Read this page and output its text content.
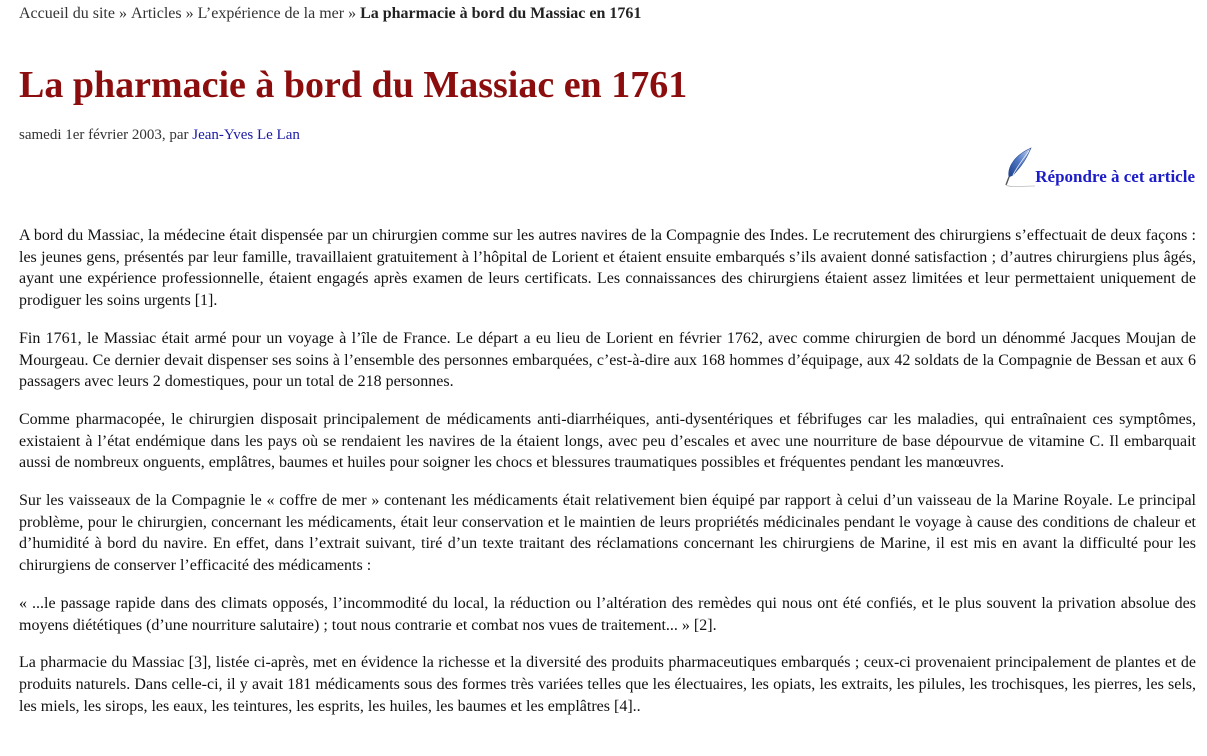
Accueil du site » Articles » L’expérience de la mer » La pharmacie à bord du Massiac en 1761
La pharmacie à bord du Massiac en 1761
samedi 1er février 2003, par Jean-Yves Le Lan
Répondre à cet article

A bord du Massiac, la médecine était dispensée par un chirurgien comme sur les autres navires de la Compagnie des Indes. Le recrutement des chirurgiens s’effectuait de deux façons : les jeunes gens, présentés par leur famille, travaillaient gratuitement à l’hôpital de Lorient et étaient ensuite embarqués s’ils avaient donné satisfaction ; d’autres chirurgiens plus âgés, ayant une expérience professionnelle, étaient engagés après examen de leurs certificats. Les connaissances des chirurgiens étaient assez limitées et leur permettaient uniquement de prodiguer les soins urgents [1].

Fin 1761, le Massiac était armé pour un voyage à l’île de France. Le départ a eu lieu de Lorient en février 1762, avec comme chirurgien de bord un dénommé Jacques Moujan de Mourgeau. Ce dernier devait dispenser ses soins à l’ensemble des personnes embarquées, c’est-à-dire aux 168 hommes d’équipage, aux 42 soldats de la Compagnie de Bessan et aux 6 passagers avec leurs 2 domestiques, pour un total de 218 personnes.

Comme pharmacopée, le chirurgien disposait principalement de médicaments anti-diarrhéiques, anti-dysentériques et fébrifuges car les maladies, qui entraînaient ces symptômes, existaient à l’état endémique dans les pays où se rendaient les navires de la étaient longs, avec peu d’escales et avec une nourriture de base dépourvue de vitamine C. Il embarquait aussi de nombreux onguents, emplâtres, baumes et huiles pour soigner les chocs et blessures traumatiques possibles et fréquentes pendant les manœuvres.

Sur les vaisseaux de la Compagnie le « coffre de mer » contenant les médicaments était relativement bien équipé par rapport à celui d’un vaisseau de la Marine Royale. Le principal problème, pour le chirurgien, concernant les médicaments, était leur conservation et le maintien de leurs propriétés médicinales pendant le voyage à cause des conditions de chaleur et d’humidité à bord du navire. En effet, dans l’extrait suivant, tiré d’un texte traitant des réclamations concernant les chirurgiens de Marine, il est mis en avant la difficulté pour les chirurgiens de conserver l’efficacité des médicaments :

« ...le passage rapide dans des climats opposés, l’incommodité du local, la réduction ou l’altération des remèdes qui nous ont été confiés, et le plus souvent la privation absolue des moyens diététiques (d’une nourriture salutaire) ; tout nous contrarie et combat nos vues de traitement... » [2].

La pharmacie du Massiac [3], listée ci-après, met en évidence la richesse et la diversité des produits pharmaceutiques embarqués ; ceux-ci provenaient principalement de plantes et de produits naturels. Dans celle-ci, il y avait 181 médicaments sous des formes très variées telles que les électuaires, les opiats, les extraits, les pilules, les trochisques, les pierres, les sels, les miels, les sirops, les eaux, les teintures, les esprits, les huiles, les baumes et les emplâtres [4]..
